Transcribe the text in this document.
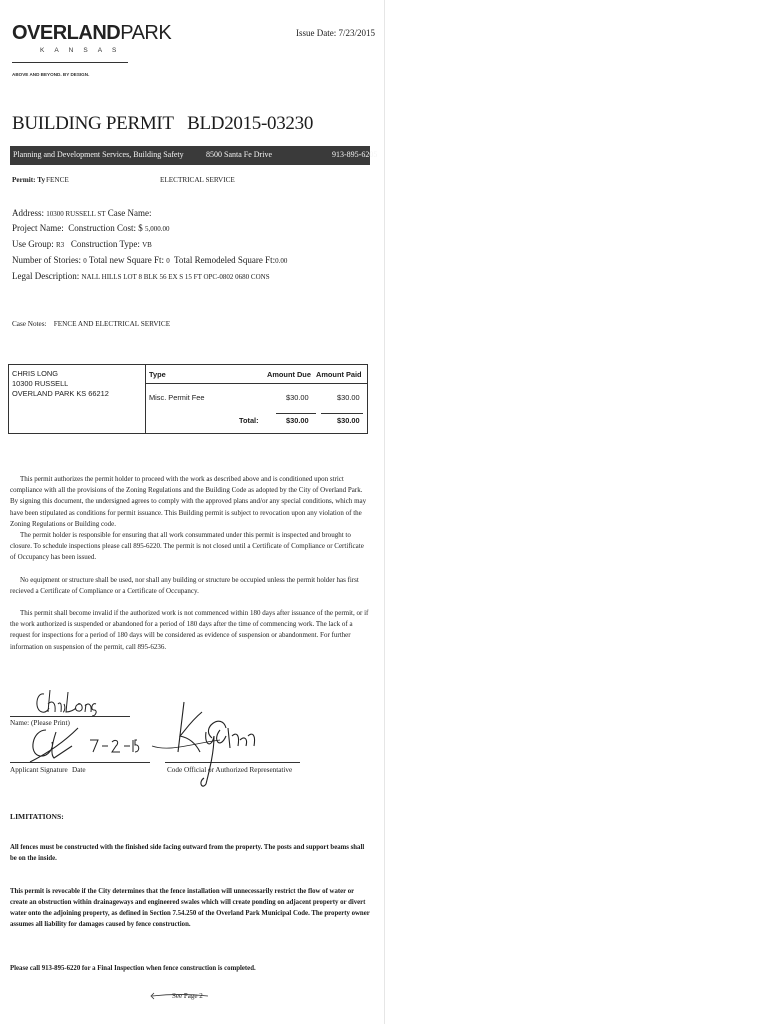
OVERLANDPARK
KANSAS
ABOVE AND BEYOND. BY DESIGN.
Issue Date: 7/23/2015
BUILDING PERMIT BLD2015-03230
Planning and Development Services, Building Safety	8500 Santa Fe Drive	913-895-6205
Permit: Ty FENCE	ELECTRICAL SERVICE
Address: 10300 RUSSELL ST Case Name:
Project Name: Construction Cost: $ 5,000.00
Use Group: R3 Construction Type: VB
Number of Stories: 0 Total new Square Ft: 0 Total Remodeled Square Ft:0.00
Legal Description: NALL HILLS LOT 8 BLK 56 EX S 15 FT OPC-0802 0680 CONS
Case Notes: FENCE AND ELECTRICAL SERVICE
CHRIS LONG
10300 RUSSELL
OVERLAND PARK KS 66212
Type	Amount Due Amount Paid
Misc. Permit Fee	$30.00	$30.00
Total:	$30.00	$30.00
This permit authorizes the permit holder to proceed with the work as described above and is conditioned upon strict compliance with all the provisions of the Zoning Regulations and the Building Code as adopted by the City of Overland Park. By signing this document, the undersigned agrees to comply with the approved plans and/or any special conditions, which may have been stipulated as conditions for permit issuance. This Building permit is subject to revocation upon any violation of the Zoning Regulations or Building code.
The permit holder is responsible for ensuring that all work consummated under this permit is inspected and brought to closure. To schedule inspections please call 895-6220. The permit is not closed until a Certificate of Compliance or Certificate of Occupancy has been issued.
No equipment or structure shall be used, nor shall any building or structure be occupied unless the permit holder has first recieved a Certificate of Compliance or a Certificate of Occupancy.
This permit shall become invalid if the authorized work is not commenced within 180 days after issuance of the permit, or if the work authorized is suspended or abandoned for a period of 180 days after the time of commencing work. The lack of a request for inspections for a period of 180 days will be considered as evidence of suspension or abandonment. For further information on suspension of the permit, call 895-6236.
Name: (Please Print)
Applicant Signature Date	Code Official or Authorized Representative
LIMITATIONS:
All fences must be constructed with the finished side facing outward from the property. The posts and support beams shall be on the inside.
This permit is revocable if the City determines that the fence installation will unnecessarily restrict the flow of water or create an obstruction within drainageways and engineered swales which will create ponding on adjacent property or divert water onto the adjoining property, as defined in Section 7.54.250 of the Overland Park Municipal Code. The property owner assumes all liability for damages caused by fence construction.
Please call 913-895-6220 for a Final Inspection when fence construction is completed.
See Page 2
